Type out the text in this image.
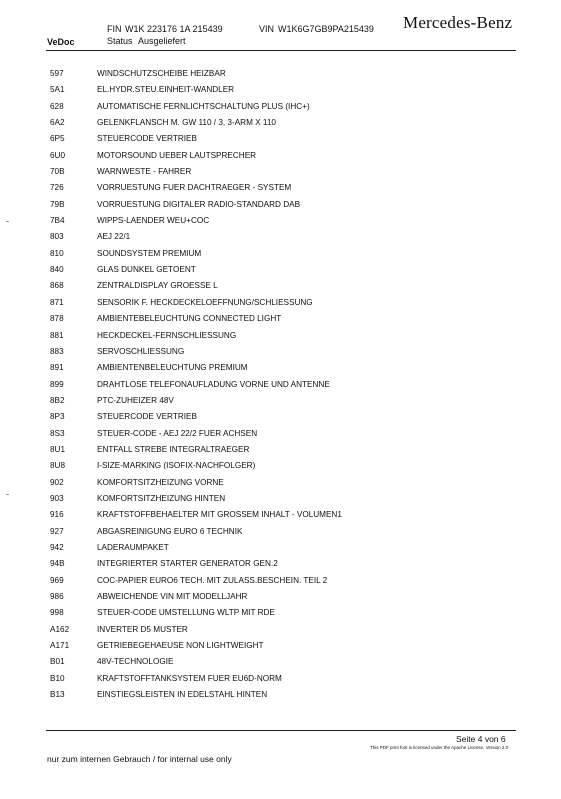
FIN W1K 223176 1A 215439	VIN W1K6G7GB9PA215439 Mercedes-Benz
VeDoc	Status Ausgeliefert
597	WINDSCHUTZSCHEIBE HEIZBAR
5A1	EL.HYDR.STEU.EINHEIT-WANDLER
628	AUTOMATISCHE FERNLICHTSCHALTUNG PLUS (IHC+)
6A2	GELENKFLANSCH M. GW 110 / 3, 3-ARM X 110
6P5	STEUERCODE VERTRIEB
6U0	MOTORSOUND UEBER LAUTSPRECHER
70B	WARNWESTE - FAHRER
726	VORRUESTUNG FUER DACHTRAEGER - SYSTEM
79B	VORRUESTUNG DIGITALER RADIO-STANDARD DAB
7B4	WIPPS-LAENDER WEU+COC
803	AEJ 22/1
810	SOUNDSYSTEM PREMIUM
840	GLAS DUNKEL GETOENT
868	ZENTRALDISPLAY GROESSE L
871	SENSORIK F. HECKDECKELOEFFNUNG/SCHLIESSUNG
878	AMBIENTEBELEUCHTUNG CONNECTED LIGHT
881	HECKDECKEL-FERNSCHLIESSUNG
883	SERVOSCHLIESSUNG
891	AMBIENTENBELEUCHTUNG PREMIUM
899	DRAHTLOSE TELEFONAUFLADUNG VORNE UND ANTENNE
8B2	PTC-ZUHEIZER 48V
8P3	STEUERCODE VERTRIEB
8S3	STEUER-CODE - AEJ 22/2 FUER ACHSEN
8U1	ENTFALL STREBE INTEGRALTRAEGER
8U8	I-SIZE-MARKING (ISOFIX-NACHFOLGER)
902	KOMFORTSITZHEIZUNG VORNE
903	KOMFORTSITZHEIZUNG HINTEN
916	KRAFTSTOFFBEHAELTER MIT GROSSEM INHALT - VOLUMEN1
927	ABGASREINIGUNG EURO 6 TECHNIK
942	LADERAUMPAKET
94B	INTEGRIERTER STARTER GENERATOR GEN.2
969	COC-PAPIER EURO6 TECH. MIT ZULASS.BESCHEIN. TEIL 2
986	ABWEICHENDE VIN MIT MODELLJAHR
998	STEUER-CODE UMSTELLUNG WLTP MIT RDE
A162	INVERTER D5 MUSTER
A171	GETRIEBEGEHAEUSE NON LIGHTWEIGHT
B01	48V-TECHNOLOGIE
B10	KRAFTSTOFFTANKSYSTEM FUER EU6D-NORM
B13	EINSTIEGSLEISTEN IN EDELSTAHL HINTEN
Seite 4 von 6
This PDF print font is licensed under the Apache License, Version 2.0
nur zum internen Gebrauch / for internal use only
